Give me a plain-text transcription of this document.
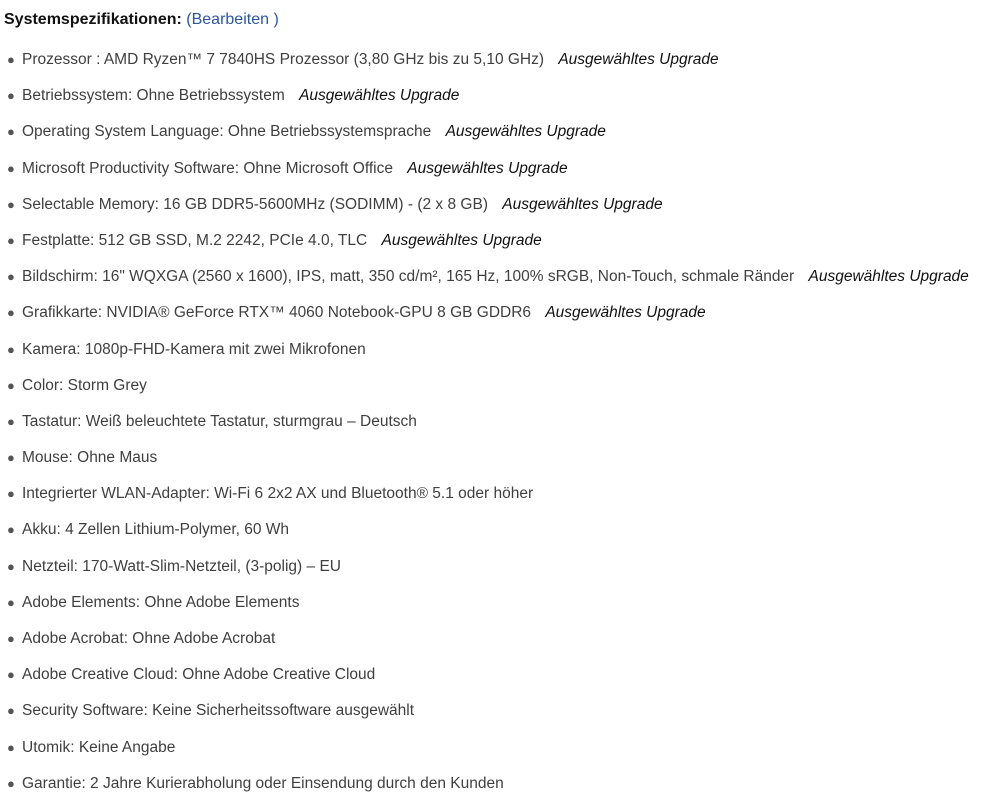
Systemspezifikationen: (Bearbeiten )
● Prozessor : AMD Ryzen™ 7 7840HS Prozessor (3,80 GHz bis zu 5,10 GHz) Ausgewähltes Upgrade
● Betriebssystem: Ohne Betriebssystem Ausgewähltes Upgrade
● Operating System Language: Ohne Betriebssystemsprache Ausgewähltes Upgrade
● Microsoft Productivity Software: Ohne Microsoft Office Ausgewähltes Upgrade
● Selectable Memory: 16 GB DDR5-5600MHz (SODIMM) - (2 x 8 GB) Ausgewähltes Upgrade
● Festplatte: 512 GB SSD, M.2 2242, PCIe 4.0, TLC Ausgewähltes Upgrade
● Bildschirm: 16" WQXGA (2560 x 1600), IPS, matt, 350 cd/m², 165 Hz, 100% sRGB, Non-Touch, schmale Ränder Ausgewähltes Upgrade
● Grafikkarte: NVIDIA® GeForce RTX™ 4060 Notebook-GPU 8 GB GDDR6 Ausgewähltes Upgrade
● Kamera: 1080p-FHD-Kamera mit zwei Mikrofonen
● Color: Storm Grey
● Tastatur: Weiß beleuchtete Tastatur, sturmgrau – Deutsch
● Mouse: Ohne Maus
● Integrierter WLAN-Adapter: Wi-Fi 6 2x2 AX und Bluetooth® 5.1 oder höher
● Akku: 4 Zellen Lithium-Polymer, 60 Wh
● Netzteil: 170-Watt-Slim-Netzteil, (3-polig) – EU
● Adobe Elements: Ohne Adobe Elements
● Adobe Acrobat: Ohne Adobe Acrobat
● Adobe Creative Cloud: Ohne Adobe Creative Cloud
● Security Software: Keine Sicherheitssoftware ausgewählt
● Utomik: Keine Angabe
● Garantie: 2 Jahre Kurierabholung oder Einsendung durch den Kunden
